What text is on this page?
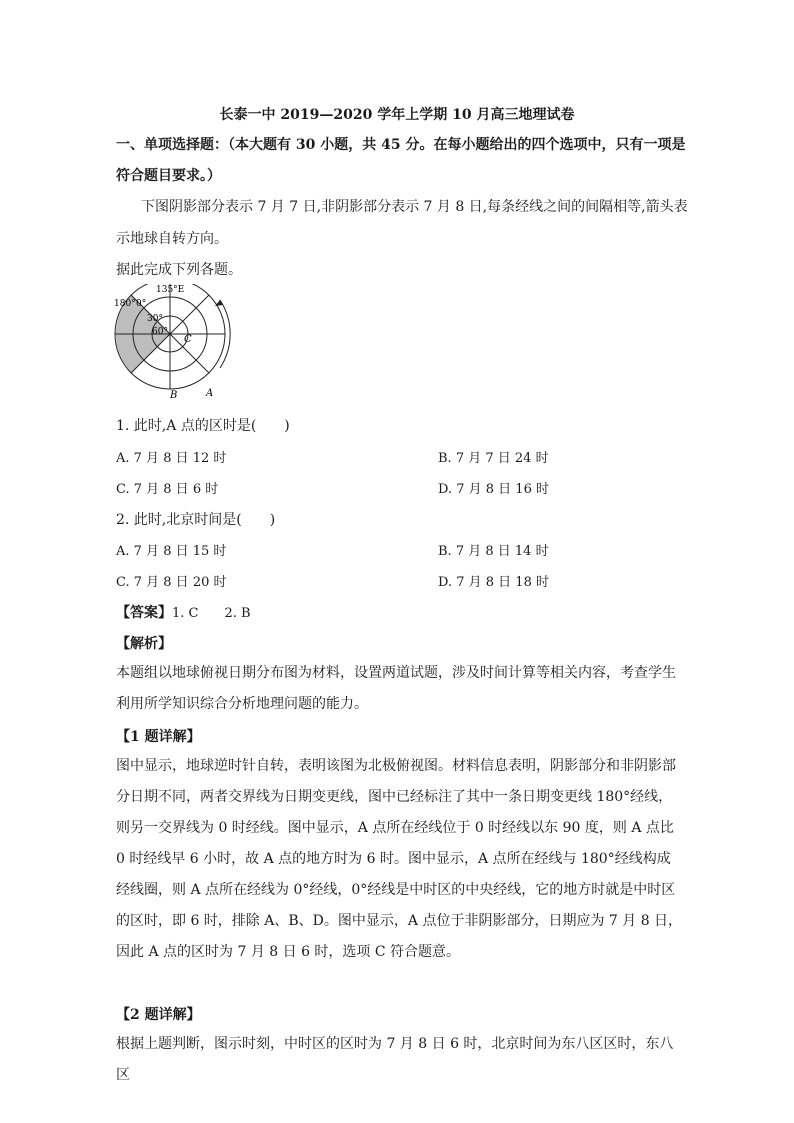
长泰一中 2019—2020 学年上学期 10 月高三地理试卷
一、单项选择题：（本大题有 30 小题，共 45 分。在每小题给出的四个选项中，只有一项是
符合题目要求。）
下图阴影部分表示 7 月 7 日,非阴影部分表示 7 月 8 日,每条经线之间的间隔相等,箭头表
示地球自转方向。
据此完成下列各题。
135°E
180° 0°
30°
60°
C
B	A
1. 此时,A 点的区时是(　　)
A. 7 月 8 日 12 时	B. 7 月 7 日 24 时
C. 7 月 8 日 6 时	D. 7 月 8 日 16 时
2. 此时,北京时间是(　　)
A. 7 月 8 日 15 时	B. 7 月 8 日 14 时
C. 7 月 8 日 20 时	D. 7 月 8 日 18 时
【答案】1. C　　2. B
【解析】
本题组以地球俯视日期分布图为材料，设置两道试题，涉及时间计算等相关内容，考查学生利用所学知识综合分析地理问题的能力。
【1 题详解】
图中显示，地球逆时针自转，表明该图为北极俯视图。材料信息表明，阴影部分和非阴影部分日期不同，两者交界线为日期变更线，图中已经标注了其中一条日期变更线 180°经线，则另一交界线为 0 时经线。图中显示，A 点所在经线位于 0 时经线以东 90 度，则 A 点比 0 时经线早 6 小时，故 A 点的地方时为 6 时。图中显示，A 点所在经线与 180°经线构成经线圈，则 A 点所在经线为 0°经线，0°经线是中时区的中央经线，它的地方时就是中时区的区时，即 6 时，排除 A、B、D。图中显示，A 点位于非阴影部分，日期应为 7 月 8 日，因此 A 点的区时为 7 月 8 日 6 时，选项 C 符合题意。
【2 题详解】
根据上题判断，图示时刻，中时区的区时为 7 月 8 日 6 时，北京时间为东八区区时，东八区
